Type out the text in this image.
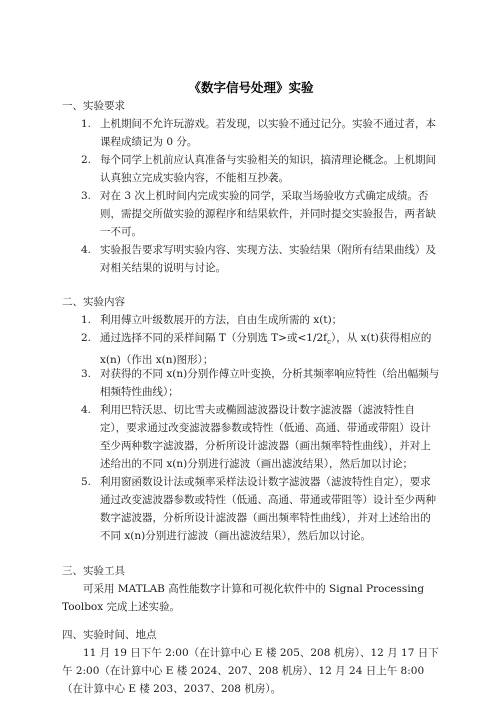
《数字信号处理》实验
一、实验要求
1. 上机期间不允许玩游戏。若发现，以实验不通过记分。实验不通过者，本课程成绩记为 0 分。
2. 每个同学上机前应认真准备与实验相关的知识，搞清理论概念。上机期间认真独立完成实验内容，不能相互抄袭。
3. 对在 3 次上机时间内完成实验的同学，采取当场验收方式确定成绩。否则，需提交所做实验的源程序和结果软件，并同时提交实验报告，两者缺一不可。
4. 实验报告要求写明实验内容、实现方法、实验结果（附所有结果曲线）及对相关结果的说明与讨论。
二、实验内容
1. 利用傅立叶级数展开的方法，自由生成所需的 x(t)；
2. 通过选择不同的采样间隔 T（分别选 T>或$<1/2f_c$），从 x(t)获得相应的 x(n)（作出 x(n)图形）；
3. 对获得的不同 x(n)分别作傅立叶变换，分析其频率响应特性（给出幅频与相频特性曲线）；
4. 利用巴特沃思、切比雪夫或椭圆滤波器设计数字滤波器（滤波特性自定），要求通过改变滤波器参数或特性（低通、高通、带通或带阻）设计至少两种数字滤波器，分析所设计滤波器（画出频率特性曲线），并对上述给出的不同 x(n)分别进行滤波（画出滤波结果），然后加以讨论；
5. 利用窗函数设计法或频率采样法设计数字滤波器（滤波特性自定），要求通过改变滤波器参数或特性（低通、高通、带通或带阻等）设计至少两种数字滤波器，分析所设计滤波器（画出频率特性曲线），并对上述给出的不同 x(n)分别进行滤波（画出滤波结果），然后加以讨论。
三、实验工具
可采用 MATLAB 高性能数字计算和可视化软件中的 Signal Processing Toolbox 完成上述实验。
四、实验时间、地点
11 月 19 日下午 2:00（在计算中心 E 楼 205、208 机房）、12 月 17 日下午 2:00（在计算中心 E 楼 2024、207、208 机房）、12 月 24 日上午 8:00（在计算中心 E 楼 203、2037、208 机房）。
